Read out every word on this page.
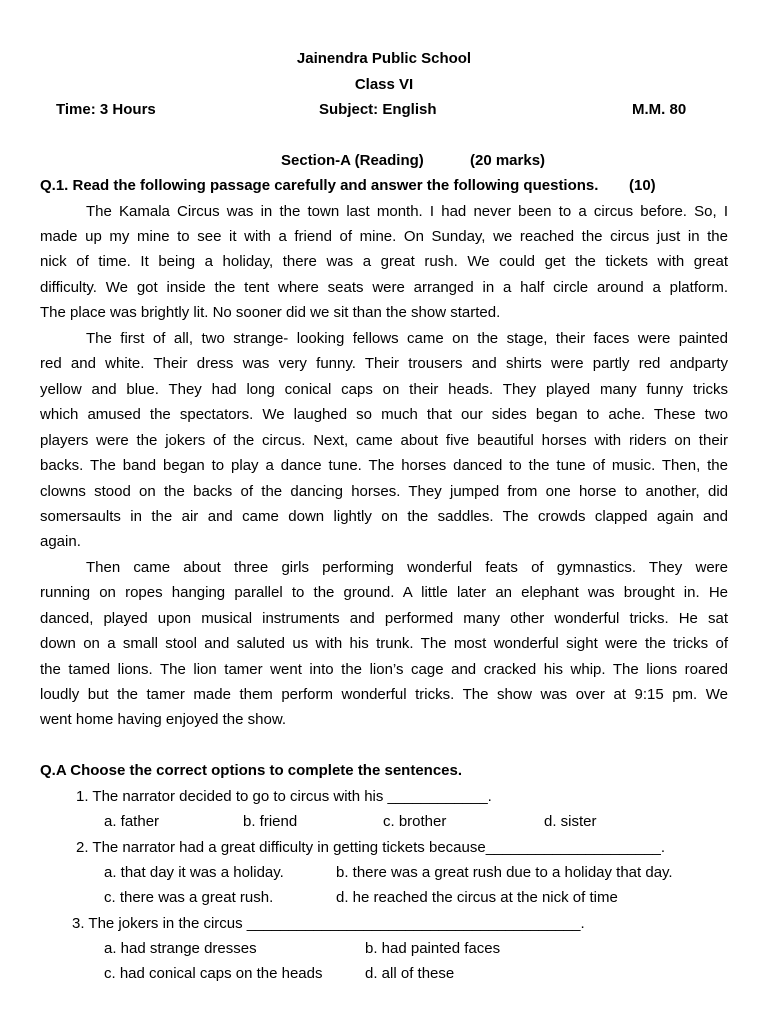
Jainendra Public School
Class VI
Time: 3 Hours	Subject: English	M.M. 80
Section-A (Reading)	(20 marks)
Q.1. Read the following passage carefully and answer the following questions. (10)
The Kamala Circus was in the town last month. I had never been to a circus before. So, I
made up my mine to see it with a friend of mine. On Sunday, we reached the circus just in the
nick of time. It being a holiday, there was a great rush. We could get the tickets with great
difficulty. We got inside the tent where seats were arranged in a half circle around a platform.
The place was brightly lit. No sooner did we sit than the show started.
The first of all, two strange- looking fellows came on the stage, their faces were painted
red and white. Their dress was very funny. Their trousers and shirts were partly red andparty
yellow and blue. They had long conical caps on their heads. They played many funny tricks
which amused the spectators. We laughed so much that our sides began to ache. These two
players were the jokers of the circus. Next, came about five beautiful horses with riders on their
backs. The band began to play a dance tune. The horses danced to the tune of music. Then, the
clowns stood on the backs of the dancing horses. They jumped from one horse to another, did
somersaults in the air and came down lightly on the saddles. The crowds clapped again and
again.
Then came about three girls performing wonderful feats of gymnastics. They were
running on ropes hanging parallel to the ground. A little later an elephant was brought in. He
danced, played upon musical instruments and performed many other wonderful tricks. He sat
down on a small stool and saluted us with his trunk. The most wonderful sight were the tricks of
the tamed lions. The lion tamer went into the lion’s cage and cracked his whip. The lions roared
loudly but the tamer made them perform wonderful tricks. The show was over at 9:15 pm. We
went home having enjoyed the show.
Q.A Choose the correct options to complete the sentences.
1. The narrator decided to go to circus with his ____________.
a. father	b. friend	c. brother	d. sister
2. The narrator had a great difficulty in getting tickets because_____________________.
a. that day it was a holiday.	b. there was a great rush due to a holiday that day.
c. there was a great rush.	d. he reached the circus at the nick of time
3. The jokers in the circus ________________________________________.
a. had strange dresses	b. had painted faces
c. had conical caps on the heads	d. all of these
